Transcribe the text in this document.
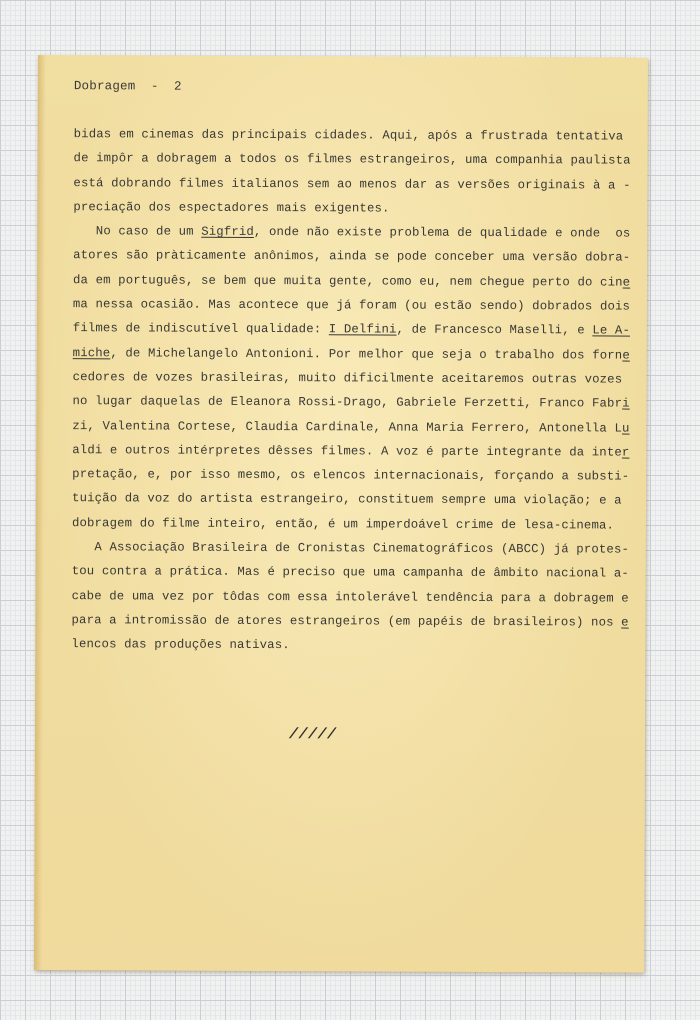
Dobragem  -  2
bidas em cinemas das principais cidades. Aqui, após a frustrada tentativa
de impôr a dobragem a todos os filmes estrangeiros, uma companhia paulista
está dobrando filmes italianos sem ao menos dar as versões originais à a -
preciação dos espectadores mais exigentes.
No caso de um Sigfrid, onde não existe problema de qualidade e onde  os
atores são pràticamente anônimos, ainda se pode conceber uma versão dobra-
da em português, se bem que muita gente, como eu, nem chegue perto do cine
ma nessa ocasião. Mas acontece que já foram (ou estão sendo) dobrados dois
filmes de indiscutível qualidade: I Delfini, de Francesco Maselli, e Le A-
miche, de Michelangelo Antonioni. Por melhor que seja o trabalho dos forne
cedores de vozes brasileiras, muito dificilmente aceitaremos outras vozes
no lugar daquelas de Eleanora Rossi-Drago, Gabriele Ferzetti, Franco Fabri
zi, Valentina Cortese, Claudia Cardinale, Anna Maria Ferrero, Antonella Lu
aldi e outros intérpretes dêsses filmes. A voz é parte integrante da inter
pretação, e, por isso mesmo, os elencos internacionais, forçando a substi-
tuição da voz do artista estrangeiro, constituem sempre uma violação; e a
dobragem do filme inteiro, então, é um imperdoável crime de lesa-cinema.
A Associação Brasileira de Cronistas Cinematográficos (ABCC) já protes-
tou contra a prática. Mas é preciso que uma campanha de âmbito nacional a-
cabe de uma vez por tôdas com essa intolerável tendência para a dobragem e
para a intromissão de atores estrangeiros (em papéis de brasileiros) nos e
lencos das produções nativas.
/////
